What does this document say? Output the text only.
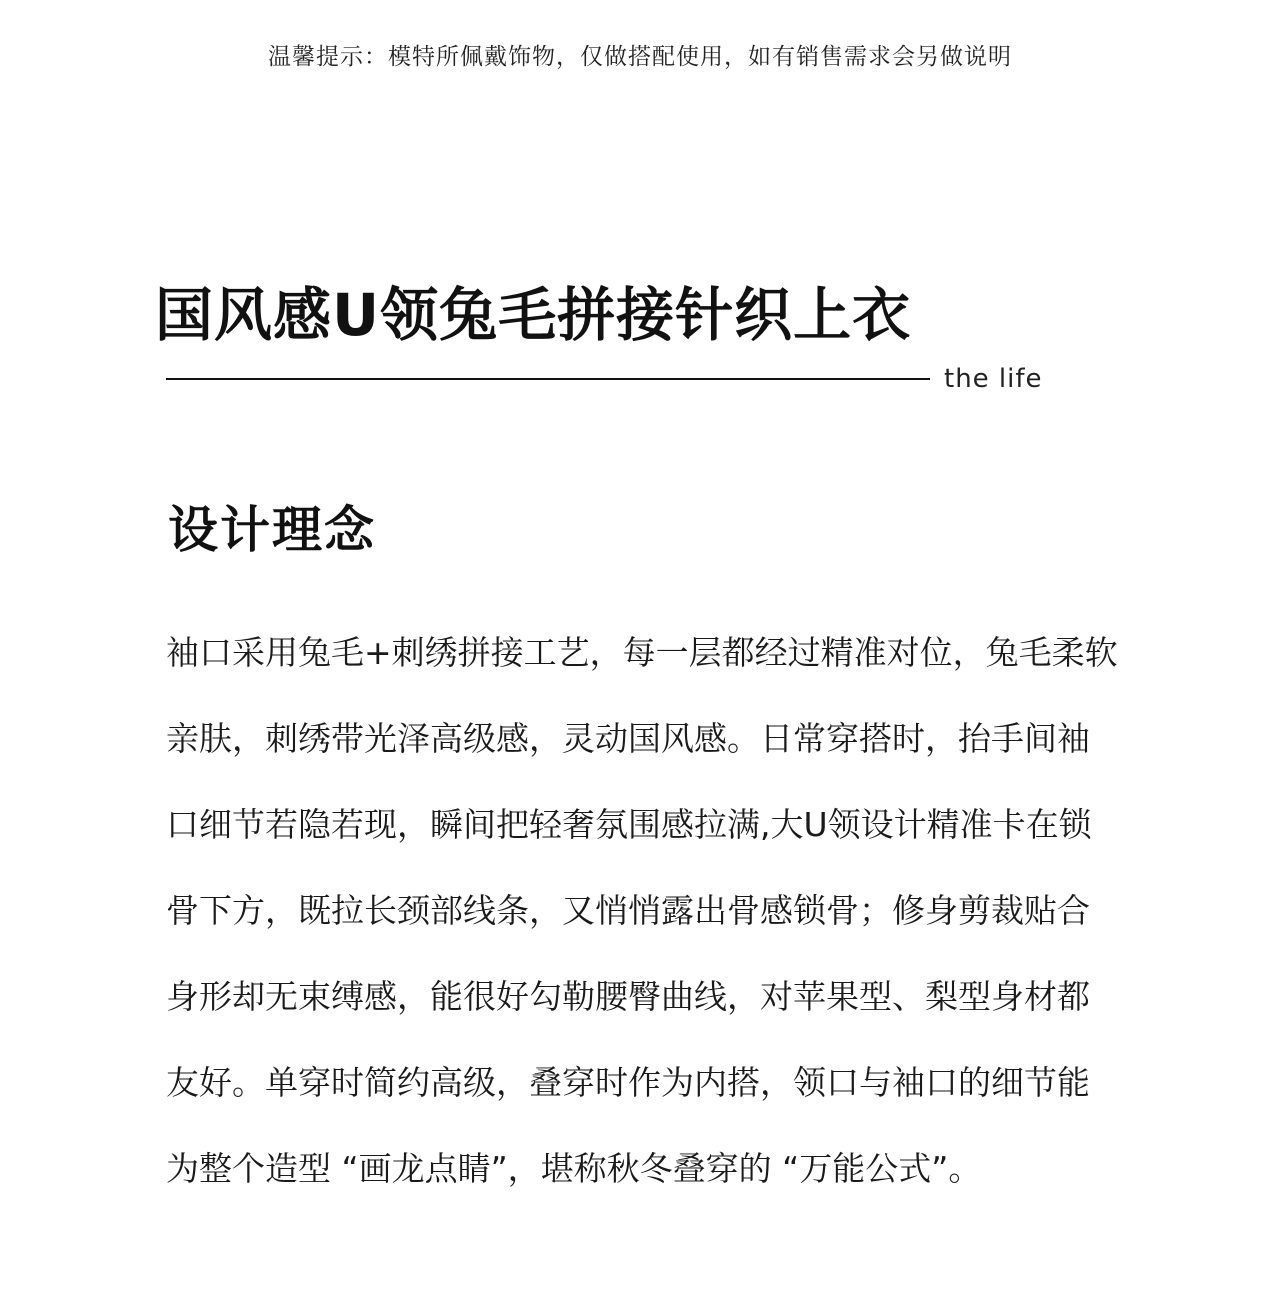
温馨提示：模特所佩戴饰物，仅做搭配使用，如有销售需求会另做说明
国风感U领兔毛拼接针织上衣
the life
设计理念
袖口采用兔毛+刺绣拼接工艺，每一层都经过精准对位，兔毛柔软
亲肤，刺绣带光泽高级感，灵动国风感。日常穿搭时，抬手间袖
口细节若隐若现，瞬间把轻奢氛围感拉满,大U领设计精准卡在锁
骨下方，既拉长颈部线条，又悄悄露出骨感锁骨；修身剪裁贴合
身形却无束缚感，能很好勾勒腰臀曲线，对苹果型、梨型身材都
友好。单穿时简约高级，叠穿时作为内搭，领口与袖口的细节能
为整个造型 “画龙点睛”，堪称秋冬叠穿的 “万能公式”。
